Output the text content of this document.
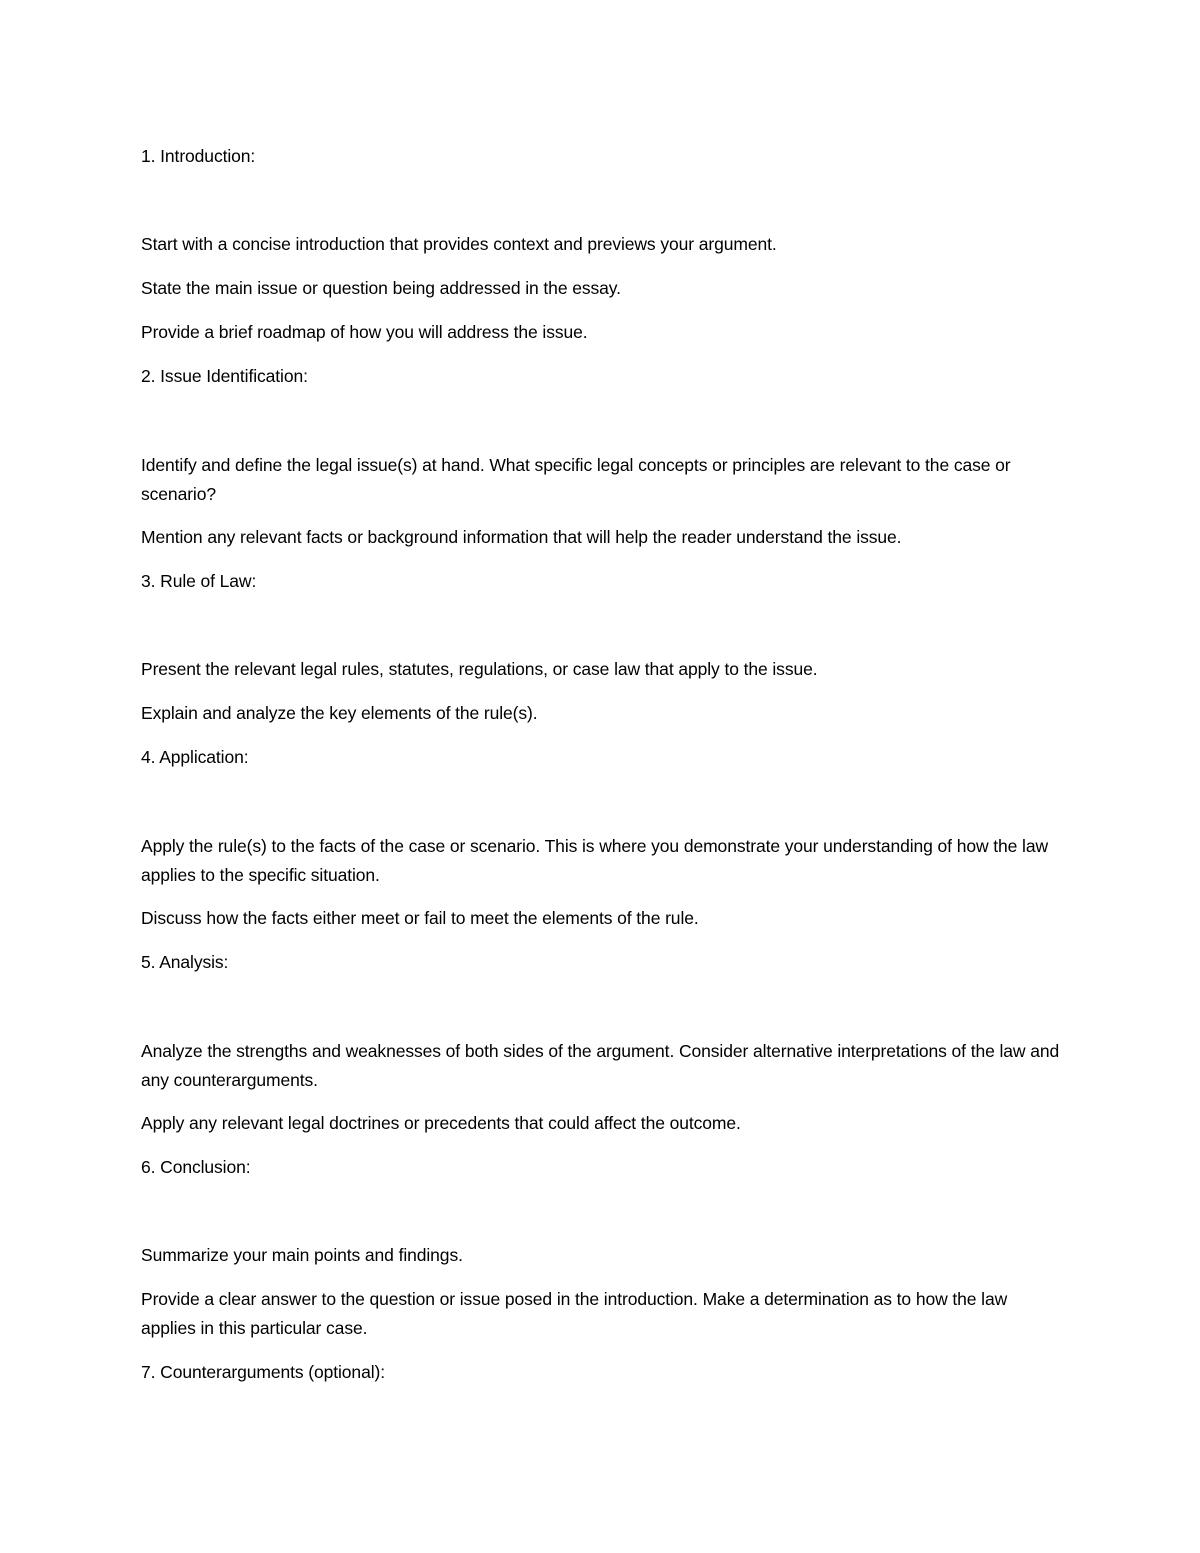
1. Introduction:

Start with a concise introduction that provides context and previews your argument.

State the main issue or question being addressed in the essay.

Provide a brief roadmap of how you will address the issue.

2. Issue Identification:

Identify and define the legal issue(s) at hand. What specific legal concepts or principles are relevant to the case or scenario?

Mention any relevant facts or background information that will help the reader understand the issue.

3. Rule of Law:

Present the relevant legal rules, statutes, regulations, or case law that apply to the issue.

Explain and analyze the key elements of the rule(s).

4. Application:

Apply the rule(s) to the facts of the case or scenario. This is where you demonstrate your understanding of how the law applies to the specific situation.

Discuss how the facts either meet or fail to meet the elements of the rule.

5. Analysis:

Analyze the strengths and weaknesses of both sides of the argument. Consider alternative interpretations of the law and any counterarguments.

Apply any relevant legal doctrines or precedents that could affect the outcome.

6. Conclusion:

Summarize your main points and findings.

Provide a clear answer to the question or issue posed in the introduction. Make a determination as to how the law applies in this particular case.

7. Counterarguments (optional):
